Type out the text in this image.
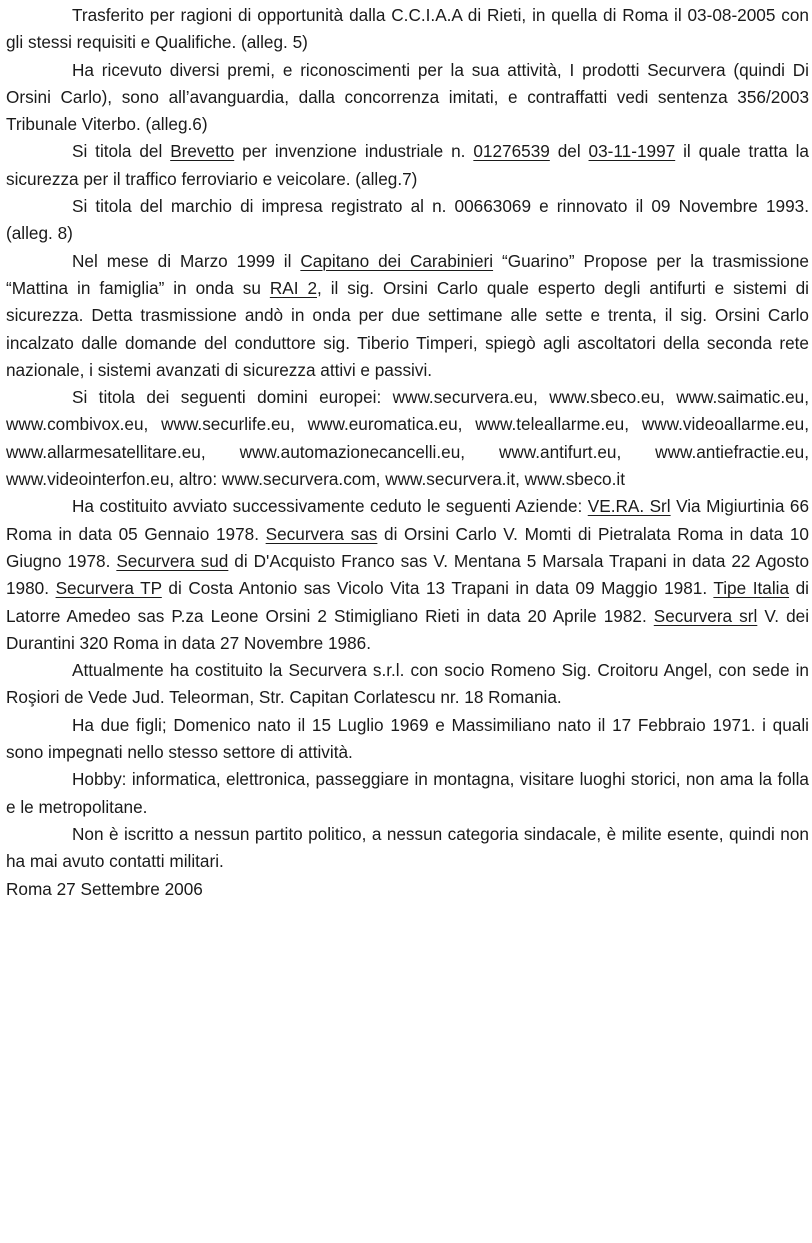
Trasferito per ragioni di opportunità dalla C.C.I.A.A di Rieti, in quella di Roma il 03-08-2005 con gli stessi requisiti e Qualifiche. (alleg. 5)

Ha ricevuto diversi premi, e riconoscimenti per la sua attività, I prodotti Securvera (quindi Di Orsini Carlo), sono all’avanguardia, dalla concorrenza imitati, e contraffatti vedi sentenza 356/2003 Tribunale Viterbo. (alleg.6)

Si titola del Brevetto per invenzione industriale n. 01276539 del 03-11-1997 il quale tratta la sicurezza per il traffico ferroviario e veicolare. (alleg.7)

Si titola del marchio di impresa registrato al n. 00663069 e rinnovato il 09 Novembre 1993. (alleg. 8)

Nel mese di Marzo 1999 il Capitano dei Carabinieri “Guarino” Propose per la trasmissione “Mattina in famiglia” in onda su RAI 2, il sig. Orsini Carlo quale esperto degli antifurti e sistemi di sicurezza. Detta trasmissione andò in onda per due settimane alle sette e trenta, il sig. Orsini Carlo incalzato dalle domande del conduttore sig. Tiberio Timperi, spiegò agli ascoltatori della seconda rete nazionale, i sistemi avanzati di sicurezza attivi e passivi.

Si titola dei seguenti domini europei: www.securvera.eu, www.sbeco.eu, www.saimatic.eu, www.combivox.eu, www.securlife.eu, www.euromatica.eu, www.teleallarme.eu, www.videoallarme.eu, www.allarmesatellitare.eu, www.automazionecancelli.eu, www.antifurt.eu, www.antiefractie.eu, www.videointerfon.eu, altro: www.securvera.com, www.securvera.it, www.sbeco.it

Ha costituito avviato successivamente ceduto le seguenti Aziende: VE.RA. Srl Via Migiurtinia 66 Roma in data 05 Gennaio 1978. Securvera sas di Orsini Carlo V. Momti di Pietralata Roma in data 10 Giugno 1978. Securvera sud di D'Acquisto Franco sas V. Mentana 5 Marsala Trapani in data 22 Agosto 1980. Securvera TP di Costa Antonio sas Vicolo Vita 13 Trapani in data 09 Maggio 1981. Tipe Italia di Latorre Amedeo sas P.za Leone Orsini 2 Stimigliano Rieti in data 20 Aprile 1982. Securvera srl V. dei Durantini 320 Roma in data 27 Novembre 1986.

Attualmente ha costituito la Securvera s.r.l. con socio Romeno Sig. Croitoru Angel, con sede in Roşiori de Vede Jud. Teleorman, Str. Capitan Corlatescu nr. 18 Romania.

Ha due figli; Domenico nato il 15 Luglio 1969 e Massimiliano nato il 17 Febbraio 1971. i quali sono impegnati nello stesso settore di attività.

Hobby: informatica, elettronica, passeggiare in montagna, visitare luoghi storici, non ama la folla e le metropolitane.

Non è iscritto a nessun partito politico, a nessun categoria sindacale, è milite esente, quindi non ha mai avuto contatti militari.

Roma 27 Settembre 2006
